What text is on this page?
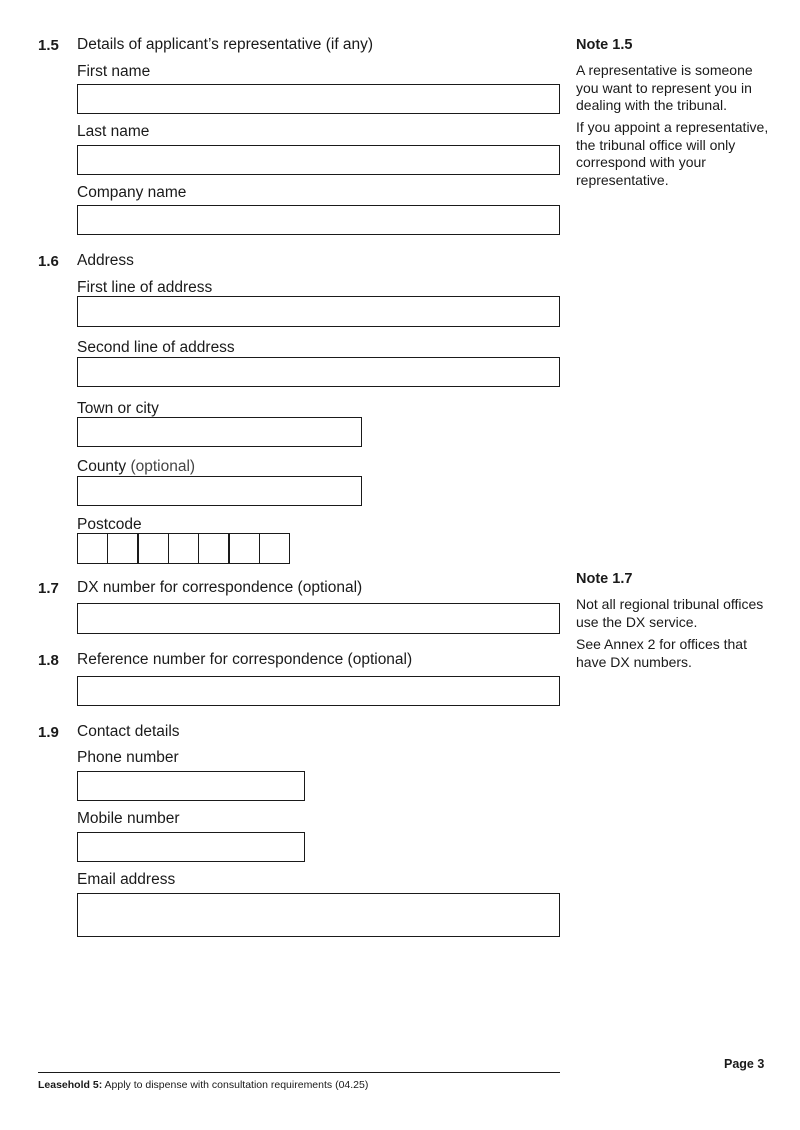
1.5 Details of applicant’s representative (if any)
First name
Last name
Company name
1.6 Address
First line of address
Second line of address
Town or city
County (optional)
Postcode
1.7 DX number for correspondence (optional)
1.8 Reference number for correspondence (optional)
1.9 Contact details
Phone number
Mobile number
Email address
Note 1.5
A representative is someone you want to represent you in dealing with the tribunal.
If you appoint a representative, the tribunal office will only correspond with your representative.
Note 1.7
Not all regional tribunal offices use the DX service.
See Annex 2 for offices that have DX numbers.
Leasehold 5: Apply to dispense with consultation requirements (04.25)
Page 3
